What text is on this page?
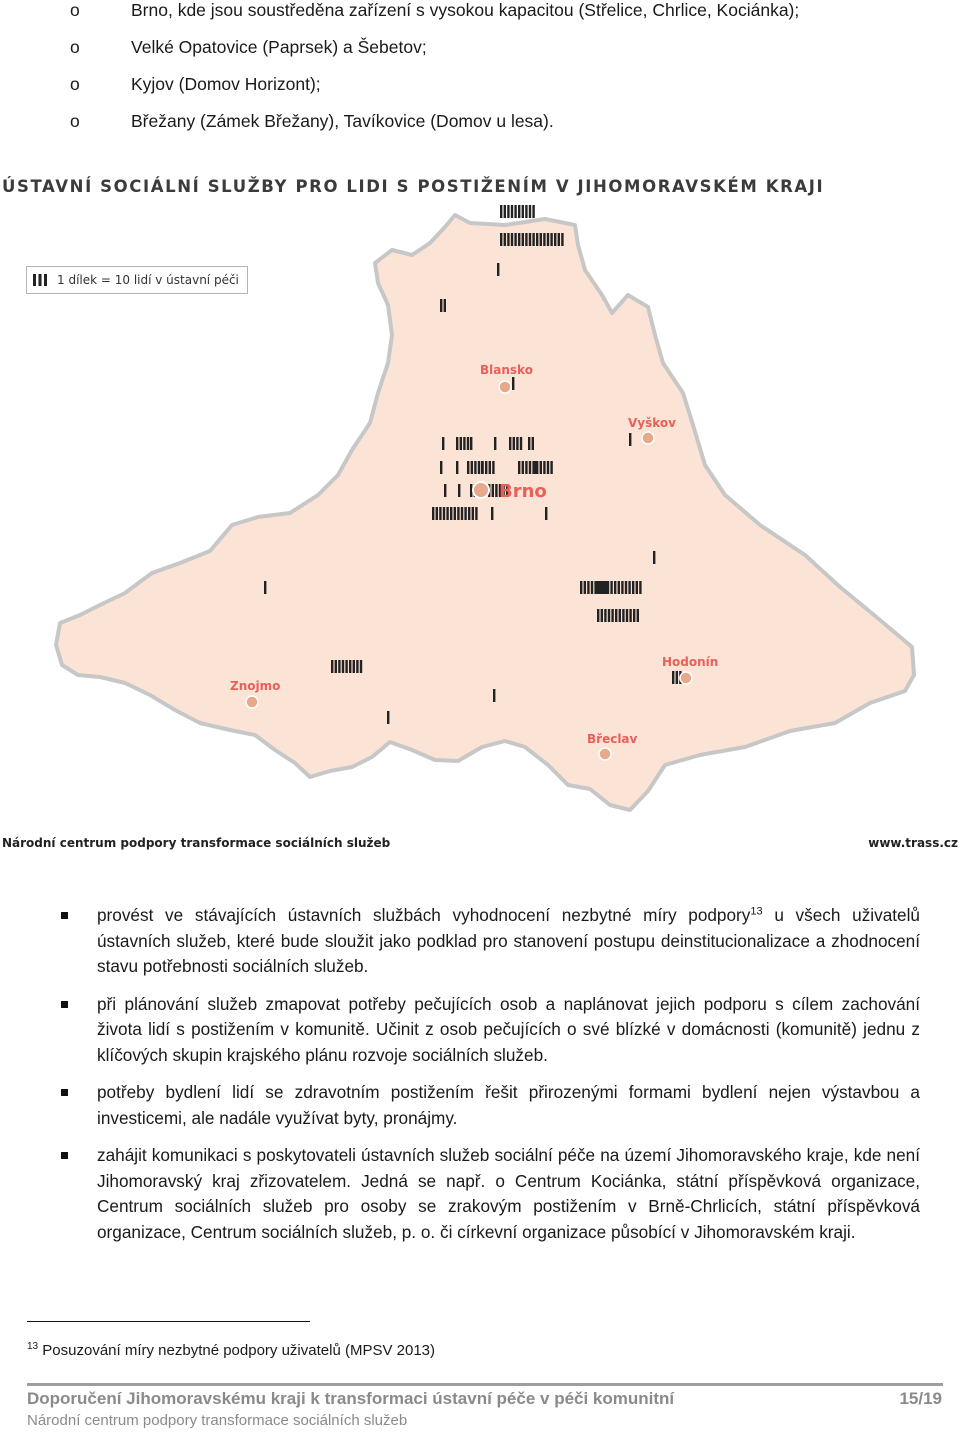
o	Brno, kde jsou soustředěna zařízení s vysokou kapacitou (Střelice, Chrlice, Kociánka);
o	Velké Opatovice (Paprsek) a Šebetov;
o	Kyjov (Domov Horizont);
o	Břežany (Zámek Břežany), Tavíkovice (Domov u lesa).
ÚSTAVNÍ SOCIÁLNÍ SLUŽBY PRO LIDI S POSTIŽENÍM V JIHOMORAVSKÉM KRAJI
Blansko
Vyškov
Brno
Znojmo
Hodonín
Břeclav
1 dílek = 10 lidí v ústavní péči
Národní centrum podpory transformace sociálních služeb	www.trass.cz
provést ve stávajících ústavních službách vyhodnocení nezbytné míry podpory$^{13}$ u všech uživatelů ústavních služeb, které bude sloužit jako podklad pro stanovení postupu deinstitucionalizace a zhodnocení stavu potřebnosti sociálních služeb.
při plánování služeb zmapovat potřeby pečujících osob a naplánovat jejich podporu s cílem zachování života lidí s postižením v komunitě. Učinit z osob pečujících o své blízké v domácnosti (komunitě) jednu z klíčových skupin krajského plánu rozvoje sociálních služeb.
potřeby bydlení lidí se zdravotním postižením řešit přirozenými formami bydlení nejen výstavbou a investicemi, ale nadále využívat byty, pronájmy.
zahájit komunikaci s poskytovateli ústavních služeb sociální péče na území Jihomoravského kraje, kde není Jihomoravský kraj zřizovatelem. Jedná se např. o Centrum Kociánka, státní příspěvková organizace, Centrum sociálních služeb pro osoby se zrakovým postižením v Brně-Chrlicích, státní příspěvková organizace, Centrum sociálních služeb, p. o. či církevní organizace působící v Jihomoravském kraji.
$^{13}$ Posuzování míry nezbytné podpory uživatelů (MPSV 2013)
Doporučení Jihomoravskému kraji k transformaci ústavní péče v péči komunitní	15/19
Národní centrum podpory transformace sociálních služeb
